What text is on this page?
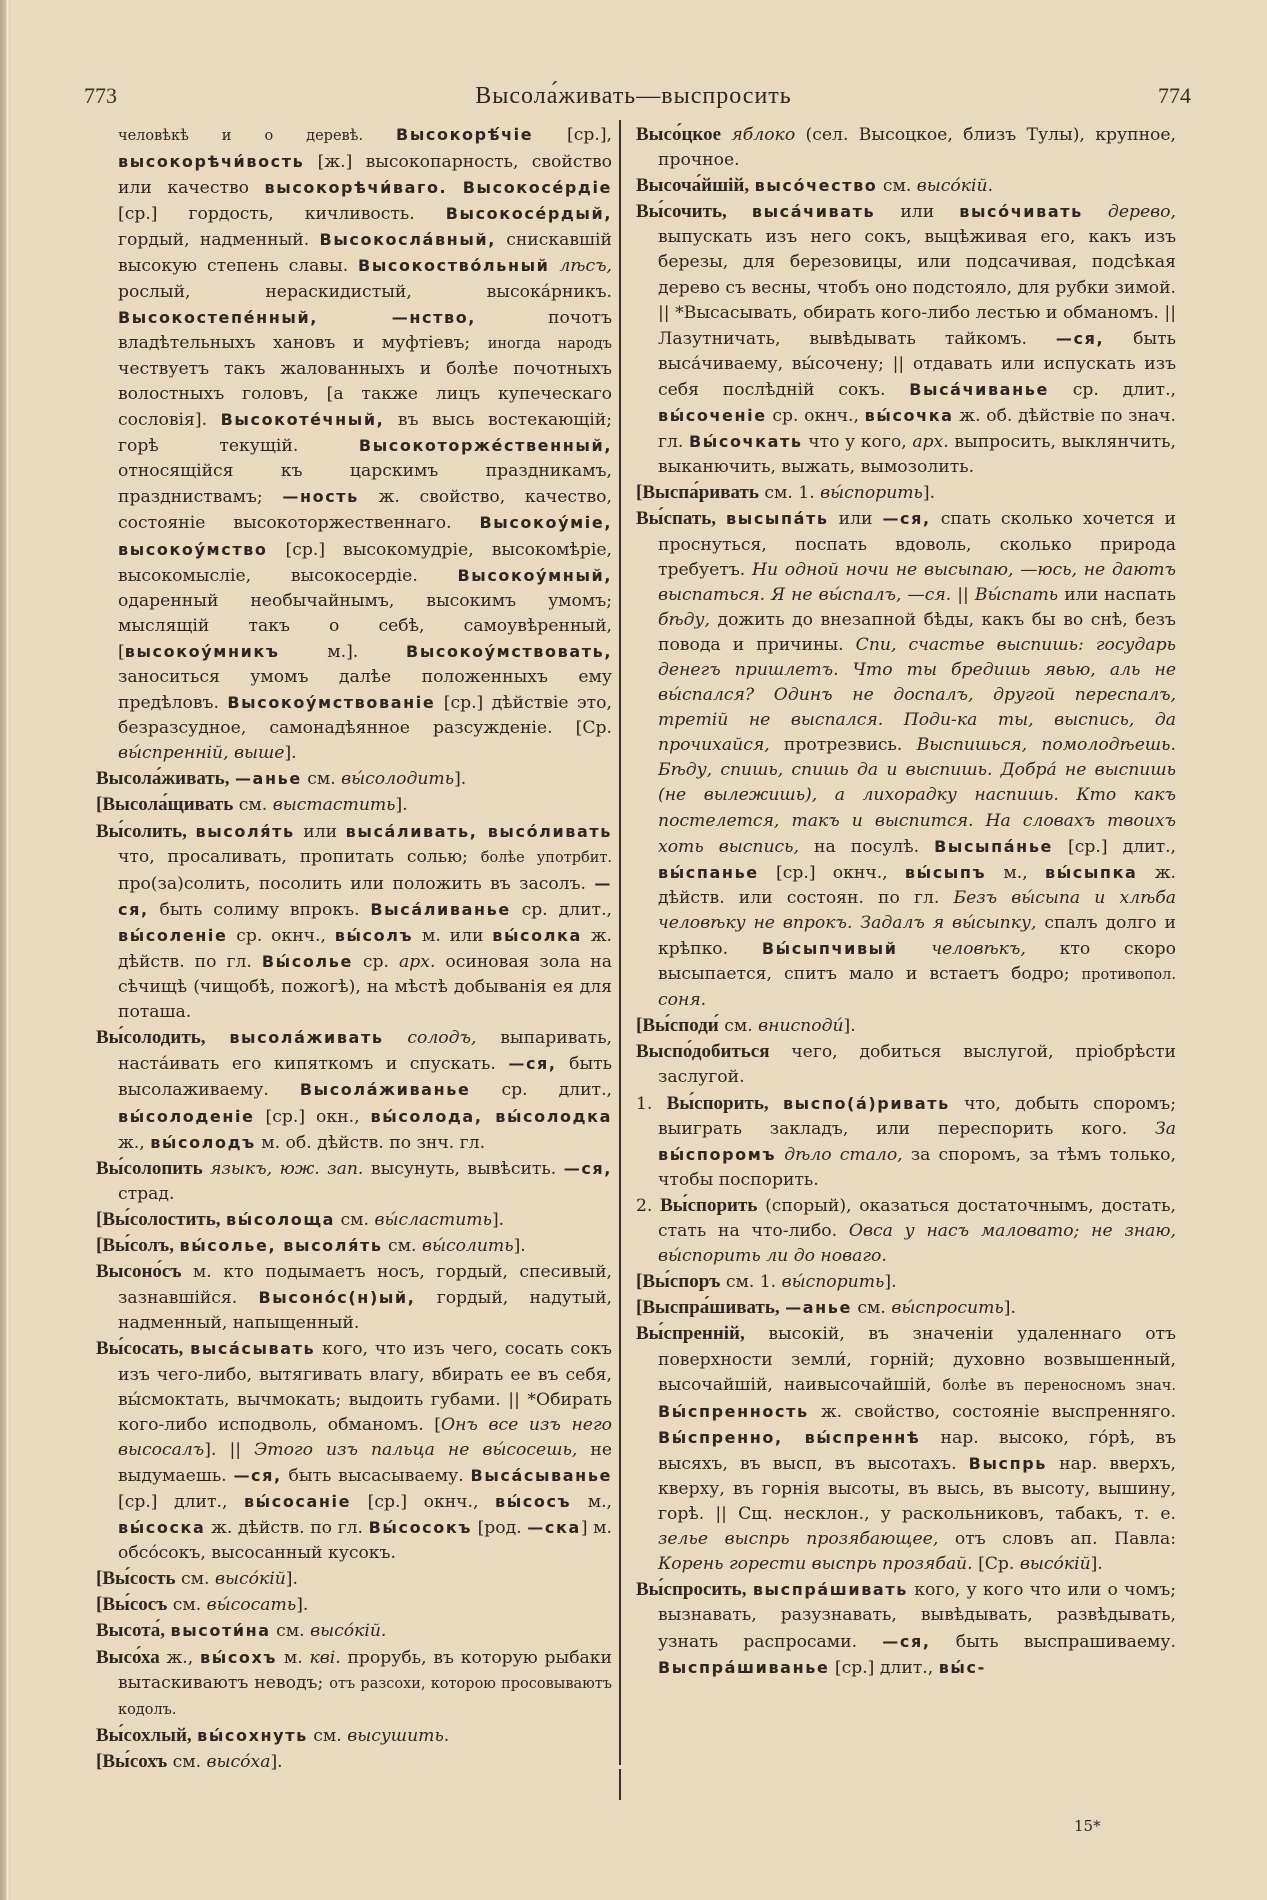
773	Высола́живать—выспросить	774

человѣкѣ и о деревѣ. Высокорѣ́чіе [ср.], высокорѣчи́вость [ж.] высокопарность, свойство или качество высокорѣчи́ваго. Высокосе́рдіе [ср.] гордость, кичливость. Высокосе́рдый, гордый, надменный. Высокосла́вный, снискавшій высокую степень славы. Высокоство́льный лѣсъ, рослый, нераскидистый, высока́рникъ. Высокостепе́нный, —нство, почотъ владѣтельныхъ хановъ и муфтіевъ; иногда народъ чествуетъ такъ жалованныхъ и болѣе почотныхъ волостныхъ головъ, [а также лицъ купеческаго сословія]. Высокоте́чный, въ высь востекающій; горѣ текущій. Высокоторже́ственный, относящійся къ царскимъ праздникамъ, праздниствамъ; —ность ж. свойство, качество, состояніе высокоторжественнаго. Высокоу́міе, высокоу́мство [ср.] высокомудріе, высокомѣріе, высокомысліе, высокосердіе. Высокоу́мный, одаренный необычайнымъ, высокимъ умомъ; мыслящій такъ о себѣ, самоувѣренный, [высокоу́мникъ м.]. Высокоу́мствовать, заноситься умомъ далѣе положенныхъ ему предѣловъ. Высокоу́мствованіе [ср.] дѣйствіе это, безразсудное, самонадѣянное разсужденіе. [Ср. вы́спренній, выше].

Высола́живать, —анье см. вы́солодить].

[Высола́щивать см. выстастить].

Вы́солить, высоля́ть или выса́ливать, высо́ливать что, просаливать, пропитать солью; болѣе употрбит. про(за)солить, посолить или положить въ засолъ. —ся, быть солиму впрокъ. Выса́ливанье ср. длит., вы́соленіе ср. окнч., вы́солъ м. или вы́солка ж. дѣйств. по гл. Вы́солье ср. арх. осиновая зола на сѣчищѣ (чищобѣ, пожогѣ), на мѣстѣ добыванія ея для поташа.

Вы́солодить, высола́живать солодъ, выпаривать, наста́ивать его кипяткомъ и спускать. —ся, быть высолаживаему. Высола́живанье ср. длит., вы́солоденіе [ср.] окн., вы́солода, вы́солодка ж., вы́солодъ м. об. дѣйств. по знч. гл.

Вы́солопить языкъ, юж. зап. высунуть, вывѣсить. —ся, страд.

[Вы́солостить, вы́солоща см. вы́сластить].

[Вы́солъ, вы́солье, высоля́ть см. вы́солить].

Высоно́съ м. кто подымаетъ носъ, гордый, спесивый, зазнавшійся. Высоно́с(н)ый, гордый, надутый, надменный, напыщенный.

Вы́сосать, выса́сывать кого, что изъ чего, сосать сокъ изъ чего-либо, вытягивать влагу, вбирать ее въ себя, вы́смоктать, вычмокать; выдоить губами. || *Обирать кого-либо исподволь, обманомъ. [Онъ все изъ него высосалъ]. || Этого изъ пальца не вы́сосешь, не выдумаешь. —ся, быть высасываему. Выса́сыванье [ср.] длит., вы́сосаніе [ср.] окнч., вы́сосъ м., вы́соска ж. дѣйств. по гл. Вы́сосокъ [род. —ска] м. обсо́сокъ, высосанный кусокъ.

[Вы́сость см. высо́кій].

[Вы́сосъ см. вы́сосать].

Высота́, высоти́на см. высо́кій.

Высо́ха ж., вы́сохъ м. кві. прорубь, въ которую рыбаки вытаскиваютъ неводъ; отъ разсохи, которою просовываютъ кодолъ.

Вы́сохлый, вы́сохнуть см. высушить.

[Вы́сохъ см. высо́ха].

Высо́цкое яблоко (сел. Высоцкое, близъ Тулы), крупное, прочное.

Высоча́йшій, высо́чество см. высо́кій.

Вы́сочить, выса́чивать или высо́чивать дерево, выпускать изъ него сокъ, выцѣживая его, какъ изъ березы, для березовицы, или подсачивая, подсѣкая дерево съ весны, чтобъ оно подстояло, для рубки зимой. || *Высасывать, обирать кого-либо лестью и обманомъ. || Лазутничать, вывѣдывать тайкомъ. —ся, быть выса́чиваему, вы́сочену; || отдавать или испускать изъ себя послѣдній сокъ. Выса́чиванье ср. длит., вы́сочeніе ср. окнч., вы́сочка ж. об. дѣйствіе по знач. гл. Вы́сочкать что у кого, арх. выпросить, выклянчить, выканючить, выжать, вымозолить.

[Выспа́ривать см. 1. вы́спорить].

Вы́спать, высыпа́ть или —ся, спать сколько хочется и проснуться, поспать вдоволь, сколько природа требуетъ. Ни одной ночи не высыпаю, —юсь, не даютъ выспаться. Я не вы́спалъ, —ся. || Вы́спать или наспать бѣду, дожить до внезапной бѣды, какъ бы во снѣ, безъ повода и причины. Спи, счастье выспишь: государь денегъ пришлетъ. Что ты бредишь явью, аль не вы́спался? Одинъ не доспалъ, другой переспалъ, третій не выспался. Поди-ка ты, выспись, да прочихайся, протрезвись. Выспишься, помолодѣешь. Бѣду, спишь, спишь да и выспишь. Добра́ не выспишь (не вылежишь), а лихорадку наспишь. Кто какъ постелется, такъ и выспится. На словахъ твоихъ хоть выспись, на посулѣ. Высыпа́нье [ср.] длит., вы́спанье [ср.] окнч., вы́сыпъ м., вы́сыпка ж. дѣйств. или состоян. по гл. Безъ вы́сыпа и хлѣба человѣку не впрокъ. Задалъ я вы́сыпку, спалъ долго и крѣпко. Вы́сыпчивый человѣкъ, кто скоро высыпается, спитъ мало и встаетъ бодро; противопол. соня.

[Вы́споди́ см. внисподи́].

Выспо́добиться чего, добиться выслугой, пріобрѣсти заслугой.

1. Вы́спорить, выспо(а́)ривать что, добыть споромъ; выиграть закладъ, или переспорить кого. За вы́споромъ дѣло стало, за споромъ, за тѣмъ только, чтобы поспорить.

2. Вы́спорить (спорый), оказаться достаточнымъ, достать, стать на что-либо. Овса у насъ маловато; не знаю, вы́спорить ли до новаго.

[Вы́споръ см. 1. вы́спорить].

[Выспра́шивать, —анье см. вы́спросить].

Вы́спренній, высокій, въ значеніи удаленнаго отъ поверхности земли́, горній; духовно возвышенный, высочайшій, наивысочайшій, болѣе въ переносномъ знач. Вы́спренность ж. свойство, состояніе выспренняго. Вы́спренно, вы́спреннѣ нар. высоко, го́рѣ, въ высяхъ, въ высп, въ высотахъ. Выспрь нар. вверхъ, кверху, въ горнія высоты, въ высь, въ высоту, вышину, горѣ. || Сщ. несклон., у раскольниковъ, табакъ, т. е. зелье выспрь прозябающее, отъ словъ ап. Павла: Корень горести выспрь прозябай. [Ср. высо́кій].

Вы́спросить, выспра́шивать кого, у кого что или о чомъ; вызнавать, разузнавать, вывѣдывать, развѣдывать, узнать распросами. —ся, быть выспрашиваему. Выспра́шиванье [ср.] длит., вы́с-

15*
